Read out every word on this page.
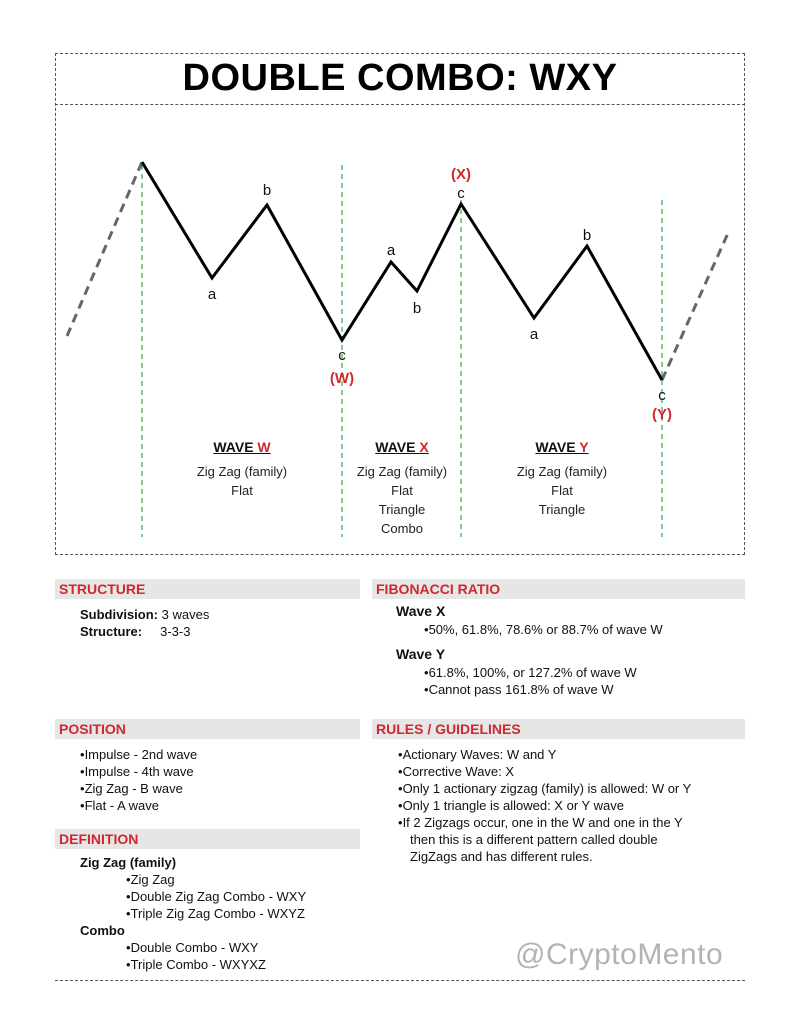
DOUBLE COMBO: WXY
a
b
c
a
b
c
a
b
c
(W)
(X)
(Y)
WAVE W
Zig Zag (family)
Flat
WAVE X
Zig Zag (family)
Flat
Triangle
Combo
WAVE Y
Zig Zag (family)
Flat
Triangle
STRUCTURE
Subdivision: 3 waves
Structure: 3-3-3
FIBONACCI RATIO
Wave X
• 50%, 61.8%, 78.6% or 88.7% of wave W
Wave Y
• 61.8%, 100%, or 127.2% of wave W
• Cannot pass 161.8% of wave W
POSITION
• Impulse - 2nd wave
• Impulse - 4th wave
• Zig Zag - B wave
• Flat - A wave
RULES / GUIDELINES
• Actionary Waves: W and Y
• Corrective Wave: X
• Only 1 actionary zigzag (family) is allowed: W or Y
• Only 1 triangle is allowed: X or Y wave
• If 2 Zigzags occur, one in the W and one in the Y
then this is a different pattern called double
ZigZags and has different rules.
DEFINITION
Zig Zag (family)
• Zig Zag
• Double Zig Zag Combo - WXY
• Triple Zig Zag Combo - WXYZ
Combo
• Double Combo - WXY
• Triple Combo - WXYXZ	@CryptoMento
